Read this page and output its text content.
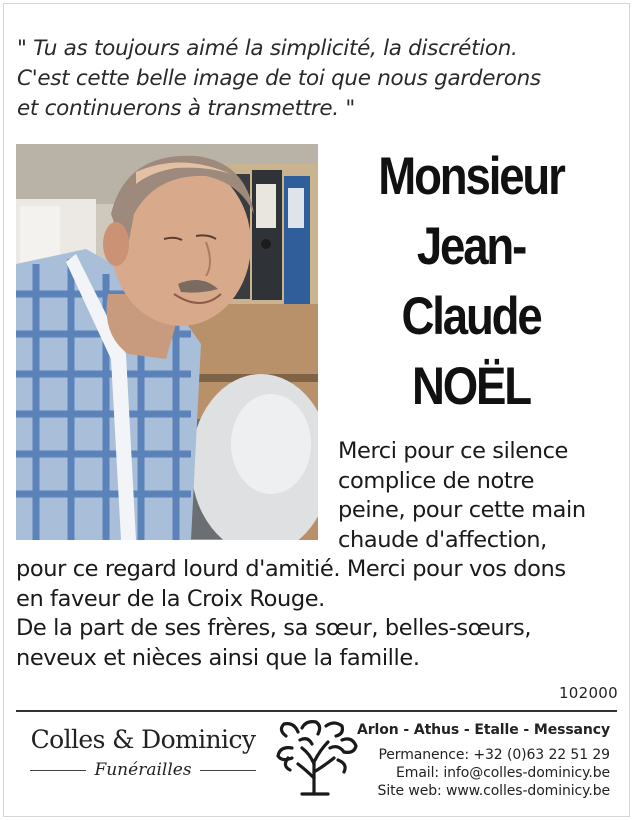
" Tu as toujours aimé la simplicité, la discrétion.
C'est cette belle image de toi que nous garderons
et continuerons à transmettre. "
Monsieur
Jean-
Claude
NOËL
Merci pour ce silence
complice de notre
peine, pour cette main
chaude d'affection,
pour ce regard lourd d'amitié. Merci pour vos dons
en faveur de la Croix Rouge.
De la part de ses frères, sa sœur, belles-sœurs,
neveux et nièces ainsi que la famille.
102000
Colles & Dominicy
Funérailles
Arlon - Athus - Etalle - Messancy
Permanence: +32 (0)63 22 51 29
Email: info@colles-dominicy.be
Site web: www.colles-dominicy.be
